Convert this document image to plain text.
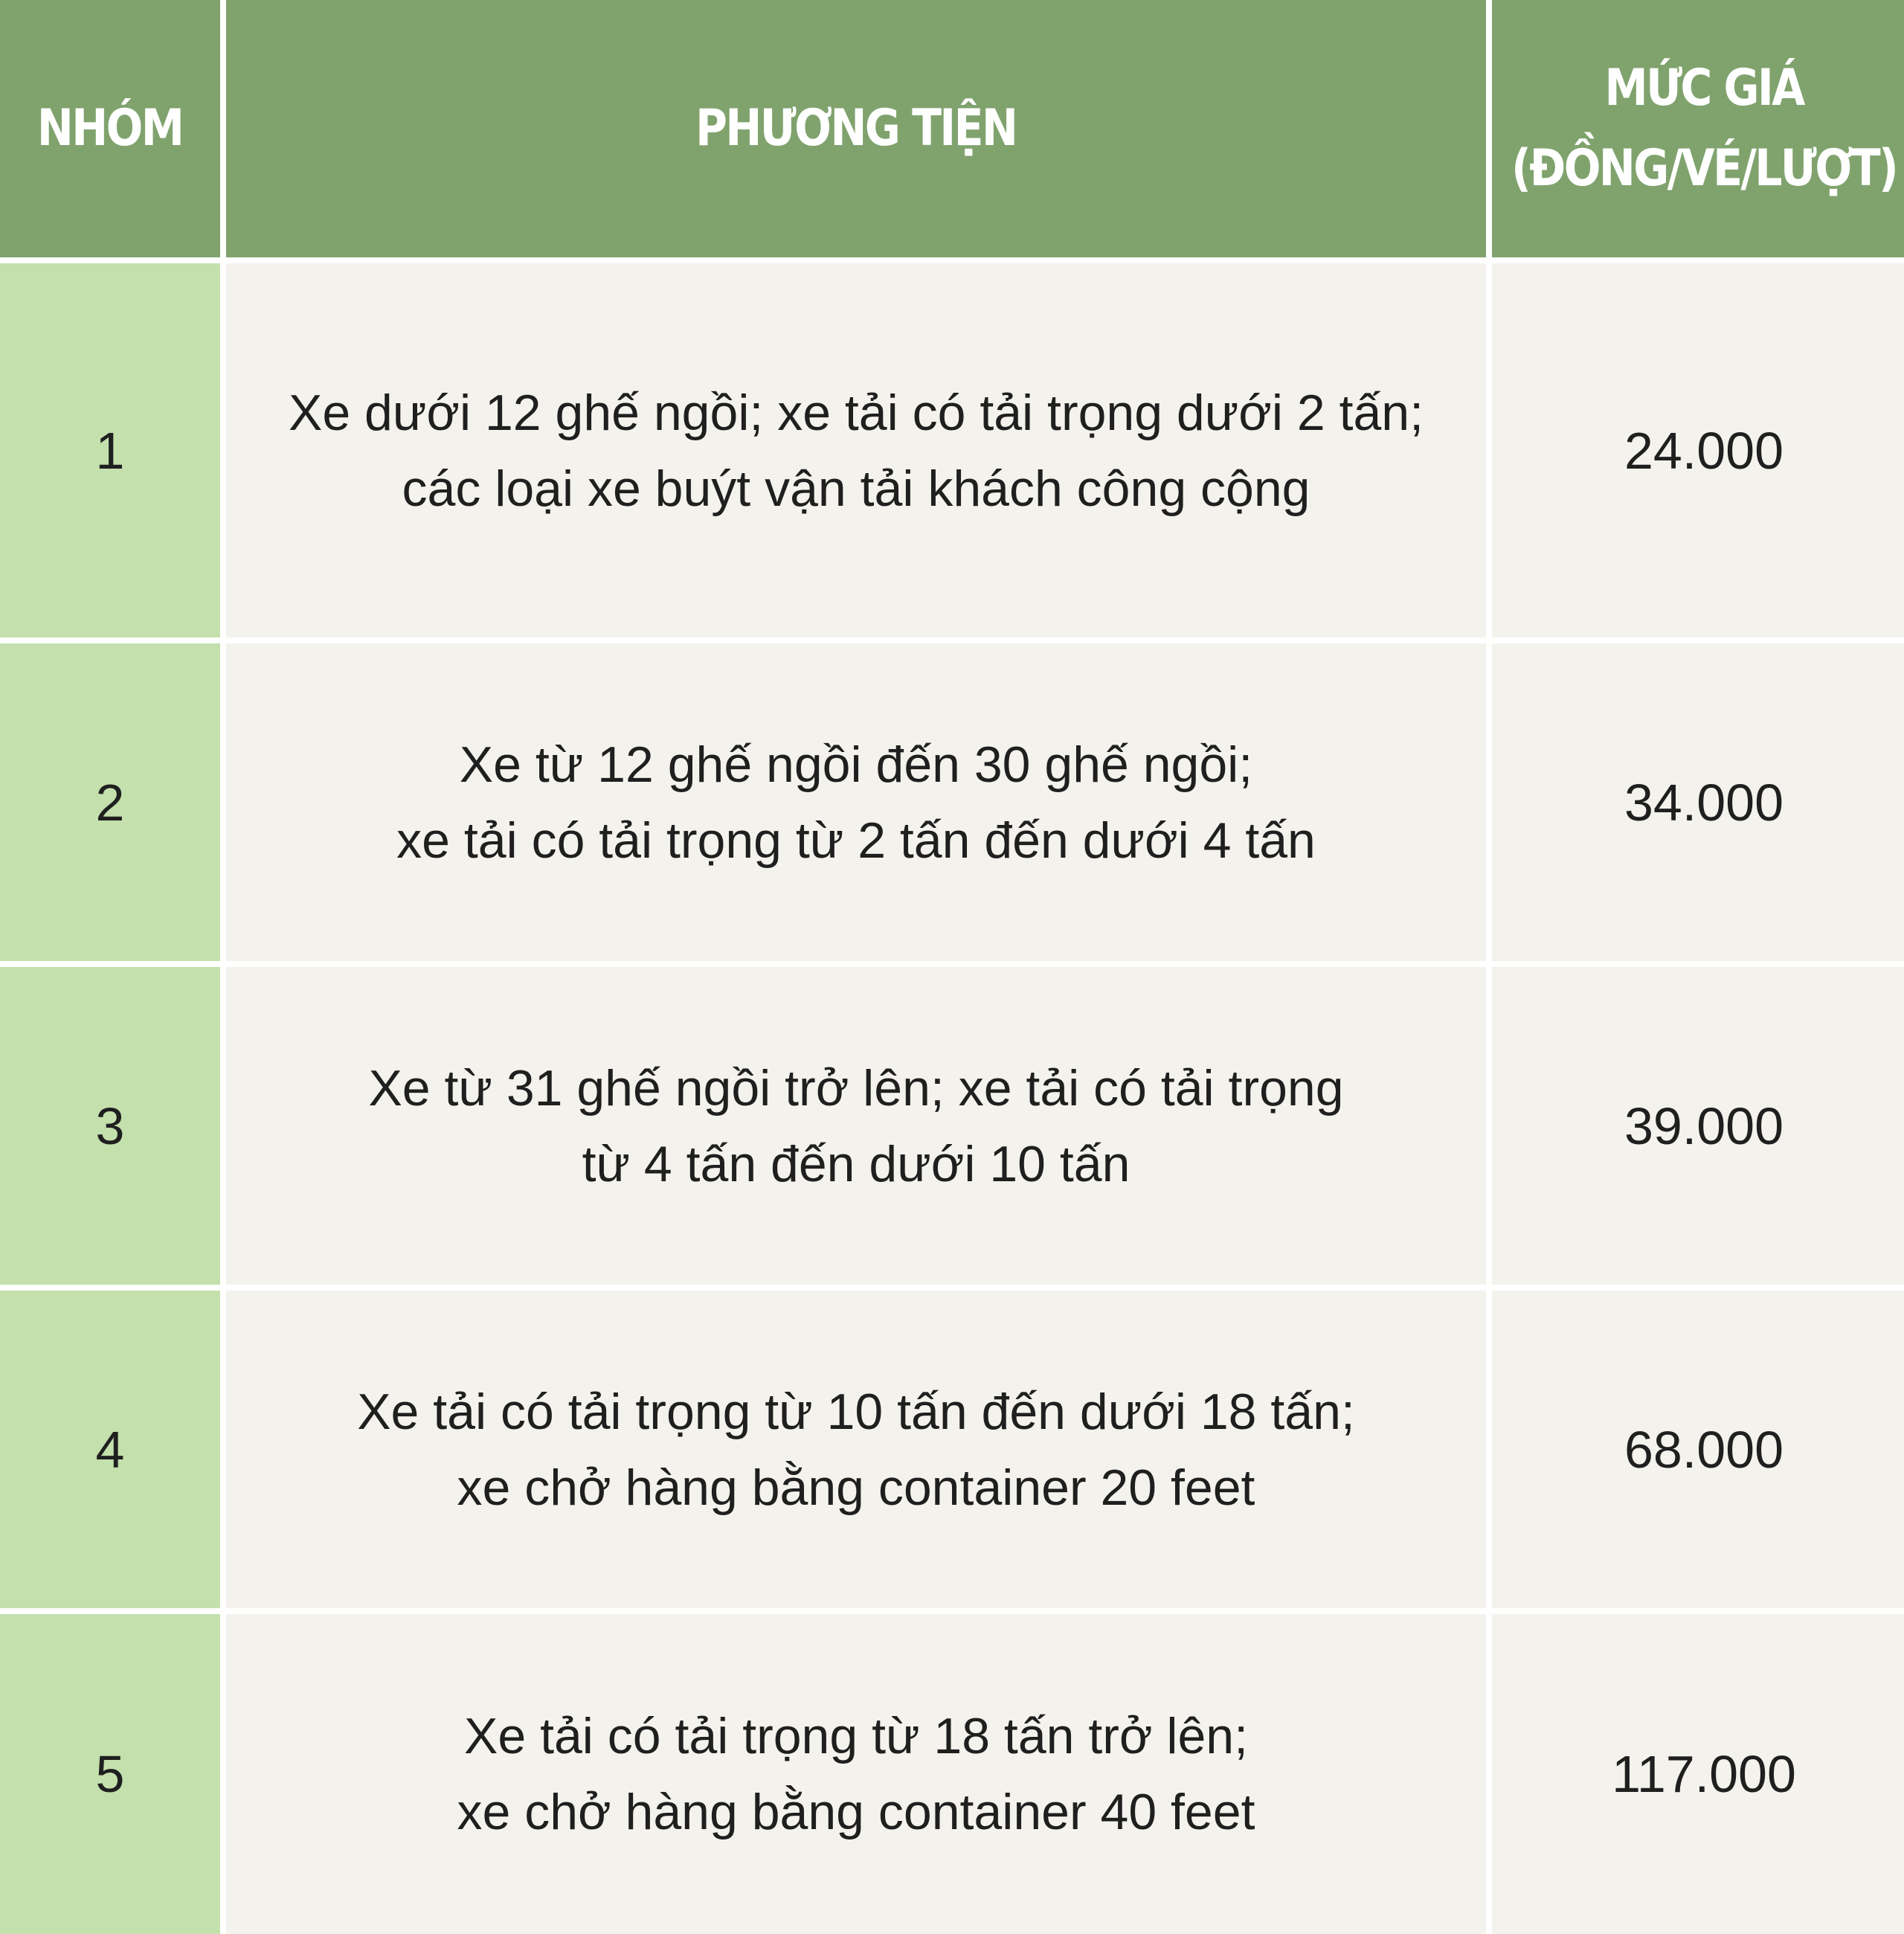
NHÓM	PHƯƠNG TIỆN
MỨC GIÁ
(ĐỒNG/VÉ/LƯỢT)
1
Xe dưới 12 ghế ngồi; xe tải có tải trọng dưới 2 tấn;
các loại xe buýt vận tải khách công cộng
24.000
2
Xe từ 12 ghế ngồi đến 30 ghế ngồi;
xe tải có tải trọng từ 2 tấn đến dưới 4 tấn
34.000
3
Xe từ 31 ghế ngồi trở lên; xe tải có tải trọng
từ 4 tấn đến dưới 10 tấn
39.000
4
Xe tải có tải trọng từ 10 tấn đến dưới 18 tấn;
xe chở hàng bằng container 20 feet
68.000
5
Xe tải có tải trọng từ 18 tấn trở lên;
xe chở hàng bằng container 40 feet
117.000
